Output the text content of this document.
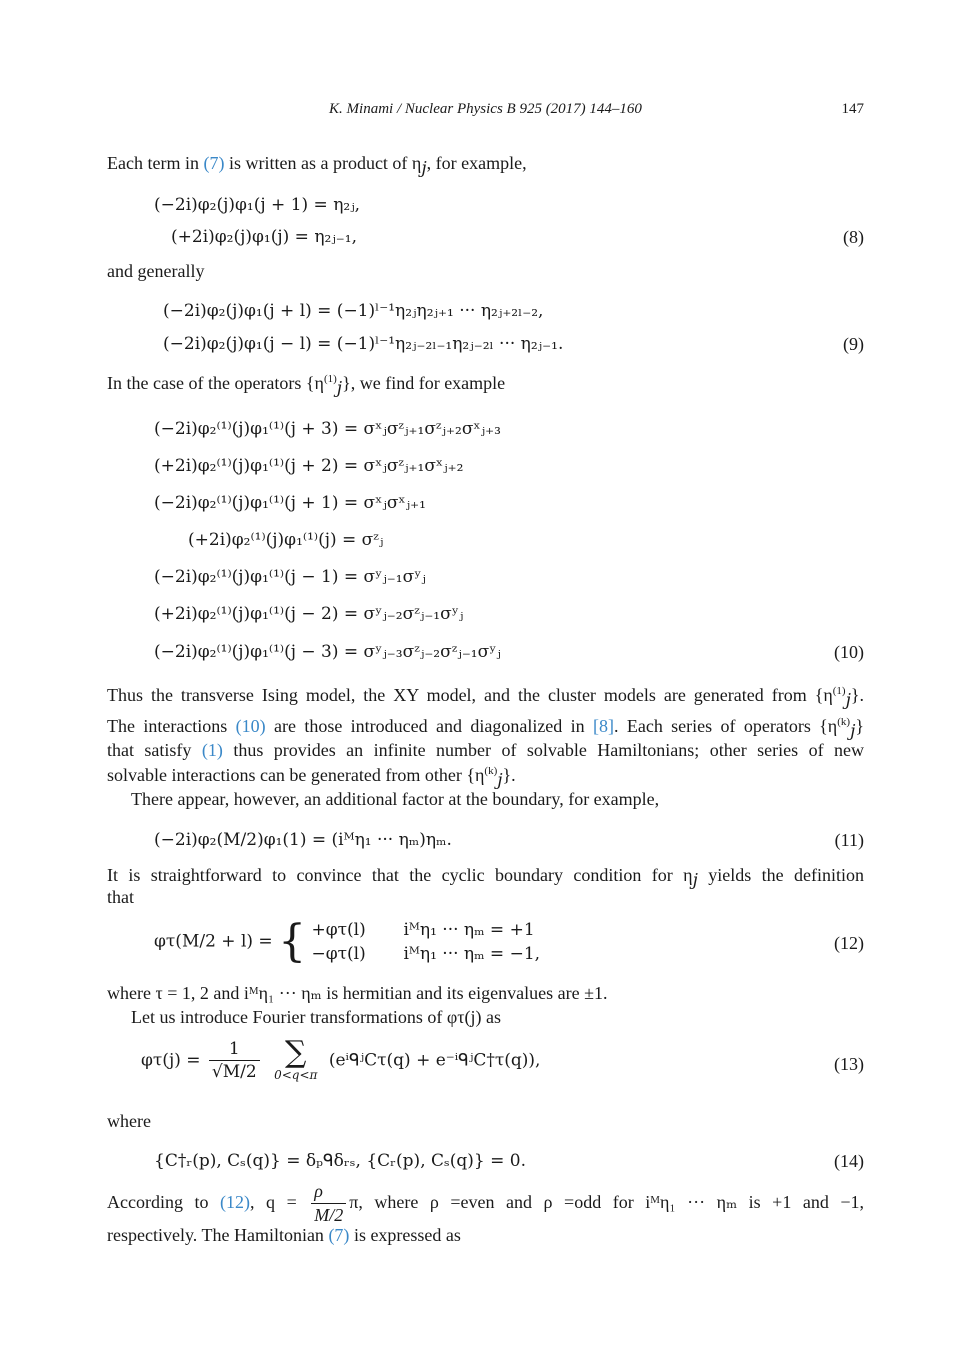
K. Minami / Nuclear Physics B 925 (2017) 144–160	147
Each term in (7) is written as a product of $\eta_j$, for example,
(−2i)φ₂(j)φ₁(j + 1) = η₂ⱼ,
(+2i)φ₂(j)φ₁(j) = η₂ⱼ₋₁,	(8)
and generally
(−2i)φ₂(j)φ₁(j + l) = (−1)ˡ⁻¹η₂ⱼη₂ⱼ₊₁ ··· η₂ⱼ₊₂ₗ₋₂,
(−2i)φ₂(j)φ₁(j − l) = (−1)ˡ⁻¹η₂ⱼ₋₂ₗ₋₁η₂ⱼ₋₂ₗ ··· η₂ⱼ₋₁.	(9)
In the case of the operators $\{\eta^{(1)}_j\}$, we find for example
(−2i)φ₂⁽¹⁾(j)φ₁⁽¹⁾(j + 3) = σˣⱼσᶻⱼ₊₁σᶻⱼ₊₂σˣⱼ₊₃
(+2i)φ₂⁽¹⁾(j)φ₁⁽¹⁾(j + 2) = σˣⱼσᶻⱼ₊₁σˣⱼ₊₂
(−2i)φ₂⁽¹⁾(j)φ₁⁽¹⁾(j + 1) = σˣⱼσˣⱼ₊₁
(+2i)φ₂⁽¹⁾(j)φ₁⁽¹⁾(j) = σᶻⱼ
(−2i)φ₂⁽¹⁾(j)φ₁⁽¹⁾(j − 1) = σʸⱼ₋₁σʸⱼ
(+2i)φ₂⁽¹⁾(j)φ₁⁽¹⁾(j − 2) = σʸⱼ₋₂σᶻⱼ₋₁σʸⱼ
(−2i)φ₂⁽¹⁾(j)φ₁⁽¹⁾(j − 3) = σʸⱼ₋₃σᶻⱼ₋₂σᶻⱼ₋₁σʸⱼ	(10)
Thus the transverse Ising model, the XY model, and the cluster models are generated from $\{\eta^{(1)}_j\}$.
The interactions (10) are those introduced and diagonalized in [8]. Each series of operators $\{\eta^{(k)}_j\}$
that satisfy (1) thus provides an infinite number of solvable Hamiltonians; other series of new
solvable interactions can be generated from other $\{\eta^{(k)}_j\}$.
There appear, however, an additional factor at the boundary, for example,
(−2i)φ₂(M/2)φ₁(1) = (iᴹη₁ ··· ηₘ)ηₘ.	(11)
It is straightforward to convince that the cyclic boundary condition for $\eta_j$ yields the definition
that
φτ(M/2 + l) = { +φτ(l) iᴹη₁ ··· ηₘ = +1
−φτ(l) iᴹη₁ ··· ηₘ = −1,
(12)
where τ = 1, 2 and iᴹη₁ ··· ηₘ is hermitian and its eigenvalues are ±1.
Let us introduce Fourier transformations of φτ(j) as
$\varphi\tau(j) = \frac{1}{√M/2}$
∑
0<q<π
(eⁱᑫʲCτ(q) + e⁻ⁱᑫʲC†τ(q)),	(13)
where
{C†ᵣ(p), Cₛ(q)} = δₚᑫδᵣₛ, {Cᵣ(p), Cₛ(q)} = 0.	(14)
According to (12), $q = \frac{\rho}{M/2} \pi$, where ρ =even and ρ =odd for iᴹη₁ ··· ηₘ is +1 and −1,
respectively. The Hamiltonian (7) is expressed as
